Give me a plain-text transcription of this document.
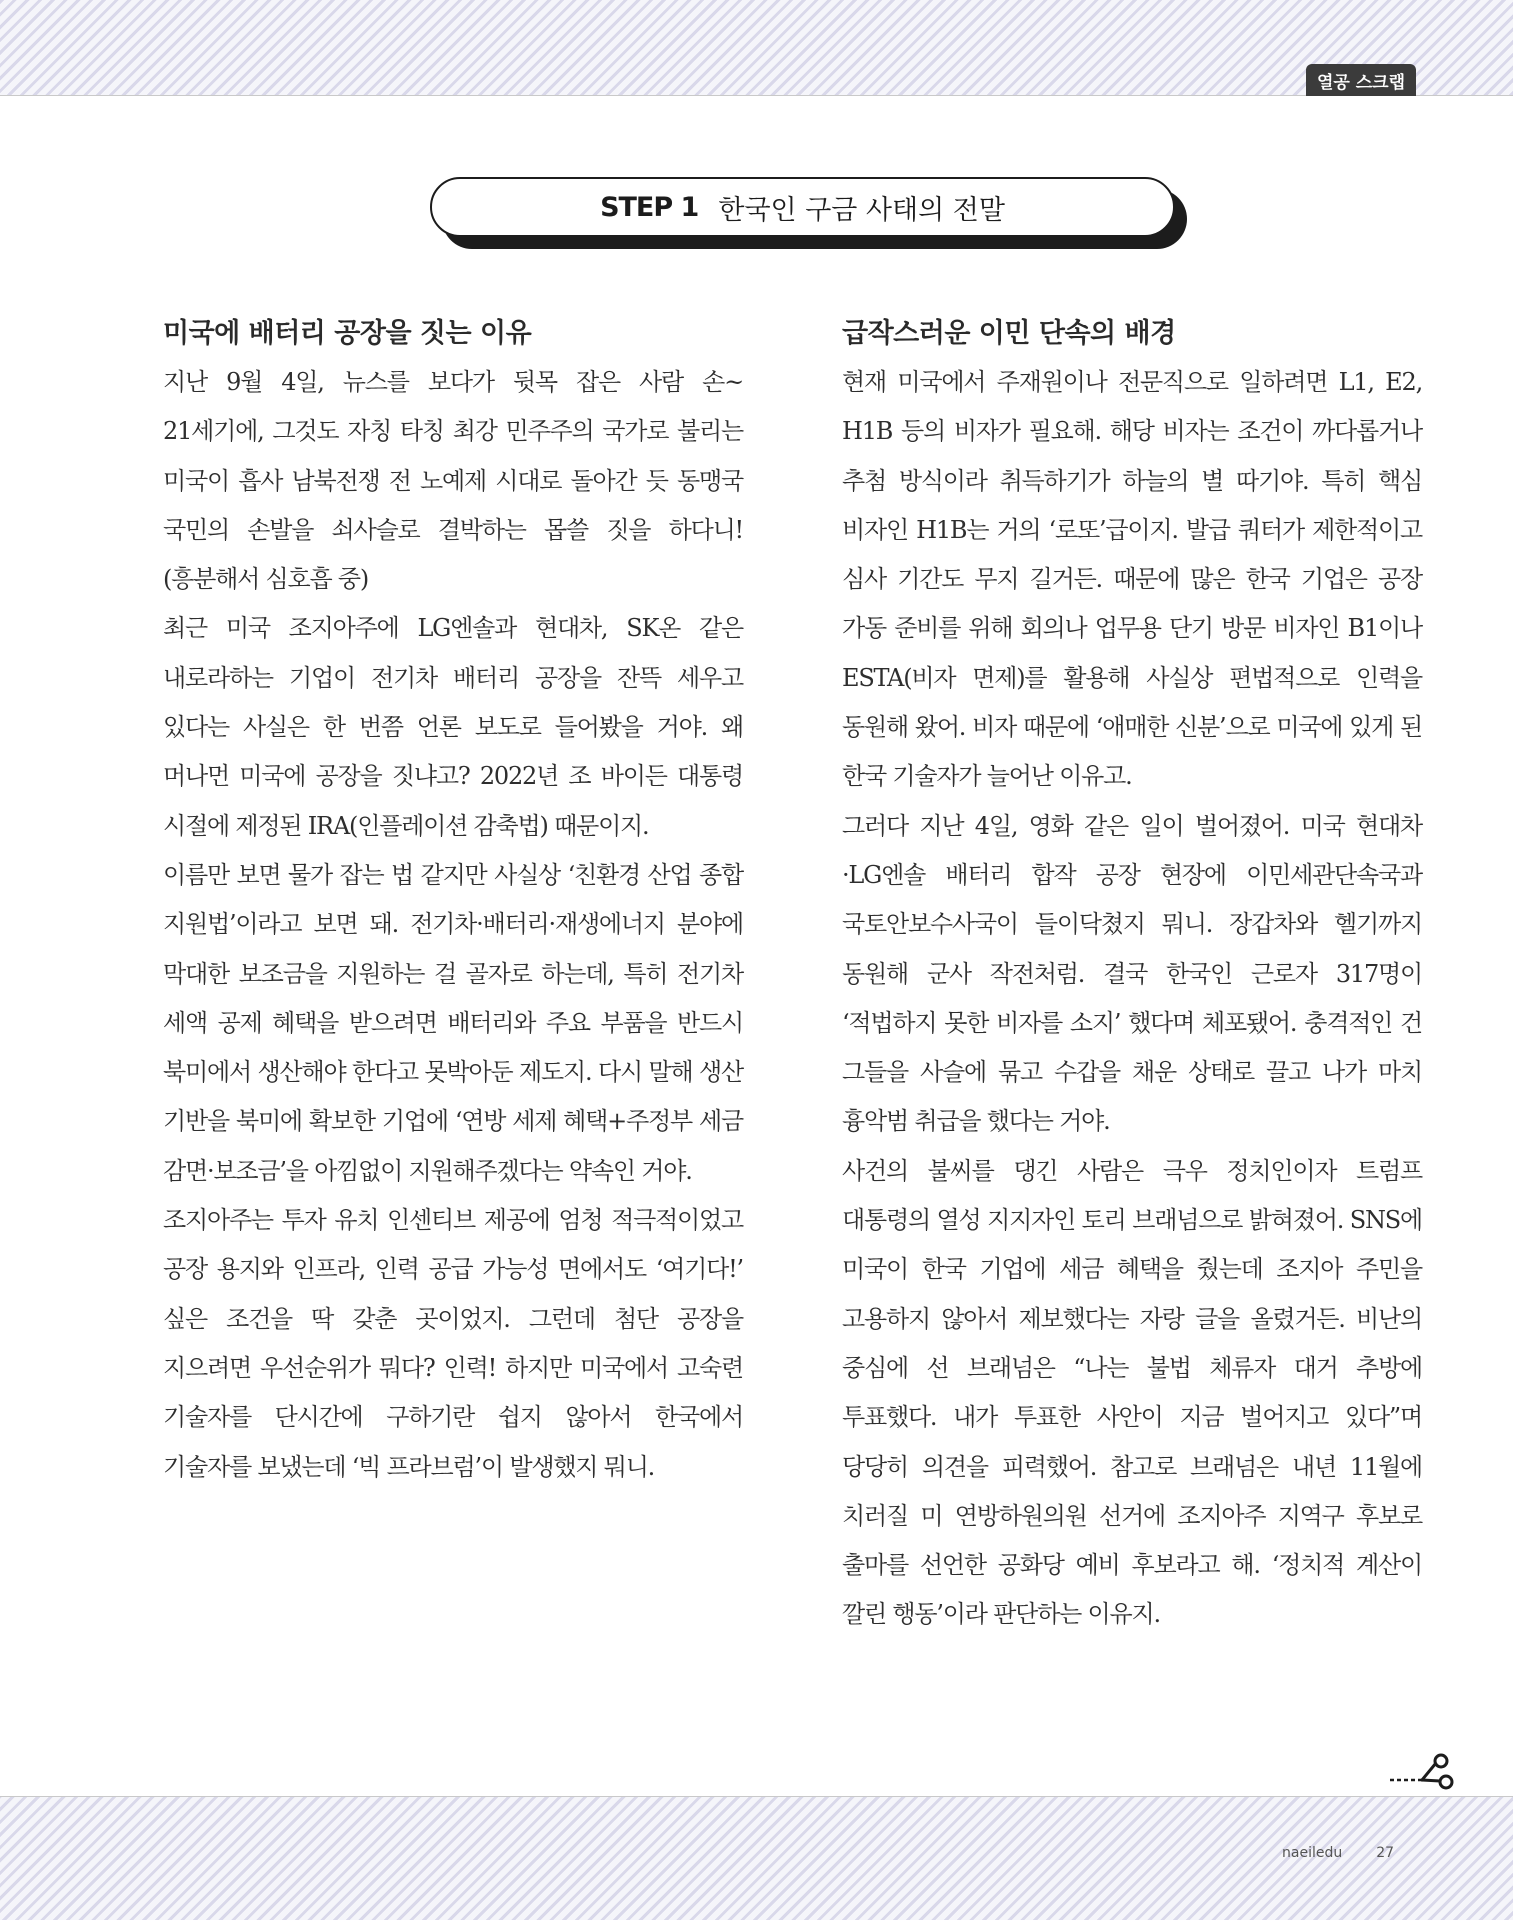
열공 스크랩
STEP 1 한국인 구금 사태의 전말
미국에 배터리 공장을 짓는 이유

지난 9월 4일, 뉴스를 보다가 뒷목 잡은 사람 손~ 21세기에, 그것도 자칭 타칭 최강 민주주의 국가로 불리는 미국이 흡사 남북전쟁 전 노예제 시대로 돌아간 듯 동맹국 국민의 손발을 쇠사슬로 결박하는 몹쓸 짓을 하다니! (흥분해서 심호흡 중)

최근 미국 조지아주에 LG엔솔과 현대차, SK온 같은 내로라하는 기업이 전기차 배터리 공장을 잔뜩 세우고 있다는 사실은 한 번쯤 언론 보도로 들어봤을 거야. 왜 머나먼 미국에 공장을 짓냐고? 2022년 조 바이든 대통령 시절에 제정된 IRA(인플레이션 감축법) 때문이지.

이름만 보면 물가 잡는 법 같지만 사실상 ‘친환경 산업 종합 지원법’이라고 보면 돼. 전기차·배터리·재생에너지 분야에 막대한 보조금을 지원하는 걸 골자로 하는데, 특히 전기차 세액 공제 혜택을 받으려면 배터리와 주요 부품을 반드시 북미에서 생산해야 한다고 못박아둔 제도지. 다시 말해 생산 기반을 북미에 확보한 기업에 ‘연방 세제 혜택+주정부 세금 감면·보조금’을 아낌없이 지원해주겠다는 약속인 거야.

조지아주는 투자 유치 인센티브 제공에 엄청 적극적이었고 공장 용지와 인프라, 인력 공급 가능성 면에서도 ‘여기다!’ 싶은 조건을 딱 갖춘 곳이었지. 그런데 첨단 공장을 지으려면 우선순위가 뭐다? 인력! 하지만 미국에서 고숙련 기술자를 단시간에 구하기란 쉽지 않아서 한국에서 기술자를 보냈는데 ‘빅 프라브럼’이 발생했지 뭐니.

급작스러운 이민 단속의 배경

현재 미국에서 주재원이나 전문직으로 일하려면 L1, E2, H1B 등의 비자가 필요해. 해당 비자는 조건이 까다롭거나 추첨 방식이라 취득하기가 하늘의 별 따기야. 특히 핵심 비자인 H1B는 거의 ‘로또’급이지. 발급 쿼터가 제한적이고 심사 기간도 무지 길거든. 때문에 많은 한국 기업은 공장 가동 준비를 위해 회의나 업무용 단기 방문 비자인 B1이나 ESTA(비자 면제)를 활용해 사실상 편법적으로 인력을 동원해 왔어. 비자 때문에 ‘애매한 신분’으로 미국에 있게 된 한국 기술자가 늘어난 이유고.

그러다 지난 4일, 영화 같은 일이 벌어졌어. 미국 현대차·LG엔솔 배터리 합작 공장 현장에 이민세관단속국과 국토안보수사국이 들이닥쳤지 뭐니. 장갑차와 헬기까지 동원해 군사 작전처럼. 결국 한국인 근로자 317명이 ‘적법하지 못한 비자를 소지’ 했다며 체포됐어. 충격적인 건 그들을 사슬에 묶고 수갑을 채운 상태로 끌고 나가 마치 흉악범 취급을 했다는 거야.

사건의 불씨를 댕긴 사람은 극우 정치인이자 트럼프 대통령의 열성 지지자인 토리 브래넘으로 밝혀졌어. SNS에 미국이 한국 기업에 세금 혜택을 줬는데 조지아 주민을 고용하지 않아서 제보했다는 자랑 글을 올렸거든. 비난의 중심에 선 브래넘은 “나는 불법 체류자 대거 추방에 투표했다. 내가 투표한 사안이 지금 벌어지고 있다”며 당당히 의견을 피력했어. 참고로 브래넘은 내년 11월에 치러질 미 연방하원의원 선거에 조지아주 지역구 후보로 출마를 선언한 공화당 예비 후보라고 해. ‘정치적 계산이 깔린 행동’이라 판단하는 이유지.

naeiledu 27
